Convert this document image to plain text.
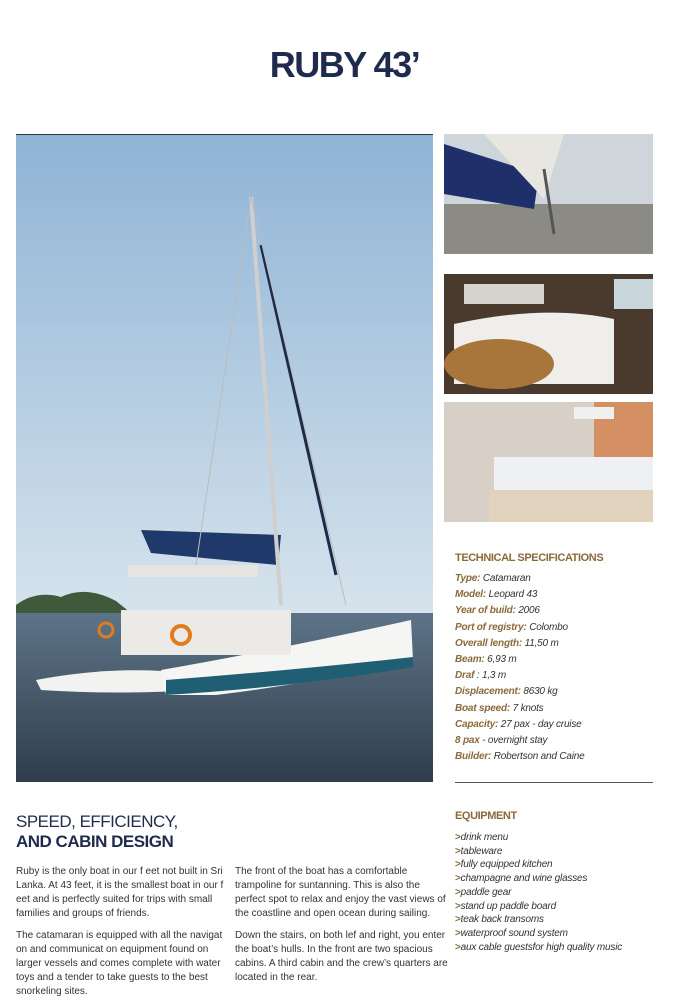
RUBY 43’
TECHNICAL SPECIFICATIONS
Type: Catamaran
Model: Leopard 43
Year of build: 2006
Port of registry: Colombo
Overall length: 11,50 m
Beam: 6,93 m
Draf : 1,3 m
Displacement: 8630 kg
Boat speed: 7 knots
Capacity: 27 pax - day cruise
8 pax - overnight stay
Builder: Robertson and Caine
EQUIPMENT
>drink menu
>tableware
>fully equipped kitchen
>champagne and wine glasses
>paddle gear
>stand up paddle board
>teak back transoms
>waterproof sound system
>aux cable guestsfor high quality music
SPEED, EFFICIENCY,
AND CABIN DESIGN

Ruby is the only boat in our f eet not built in Sri Lanka. At 43 feet, it is the smallest boat in our f eet and is perfectly suited for trips with small families and groups of friends.

The catamaran is equipped with all the navigat on and communicat on equipment found on larger vessels and comes complete with water toys and a tender to take guests to the best snorkeling sites.

The front of the boat has a comfortable trampoline for suntanning. This is also the perfect spot to relax and enjoy the vast views of the coastline and open ocean during sailing.

Down the stairs, on both lef and right, you enter the boat’s hulls. In the front are two spacious cabins. A third cabin and the crew’s quarters are located in the rear.
